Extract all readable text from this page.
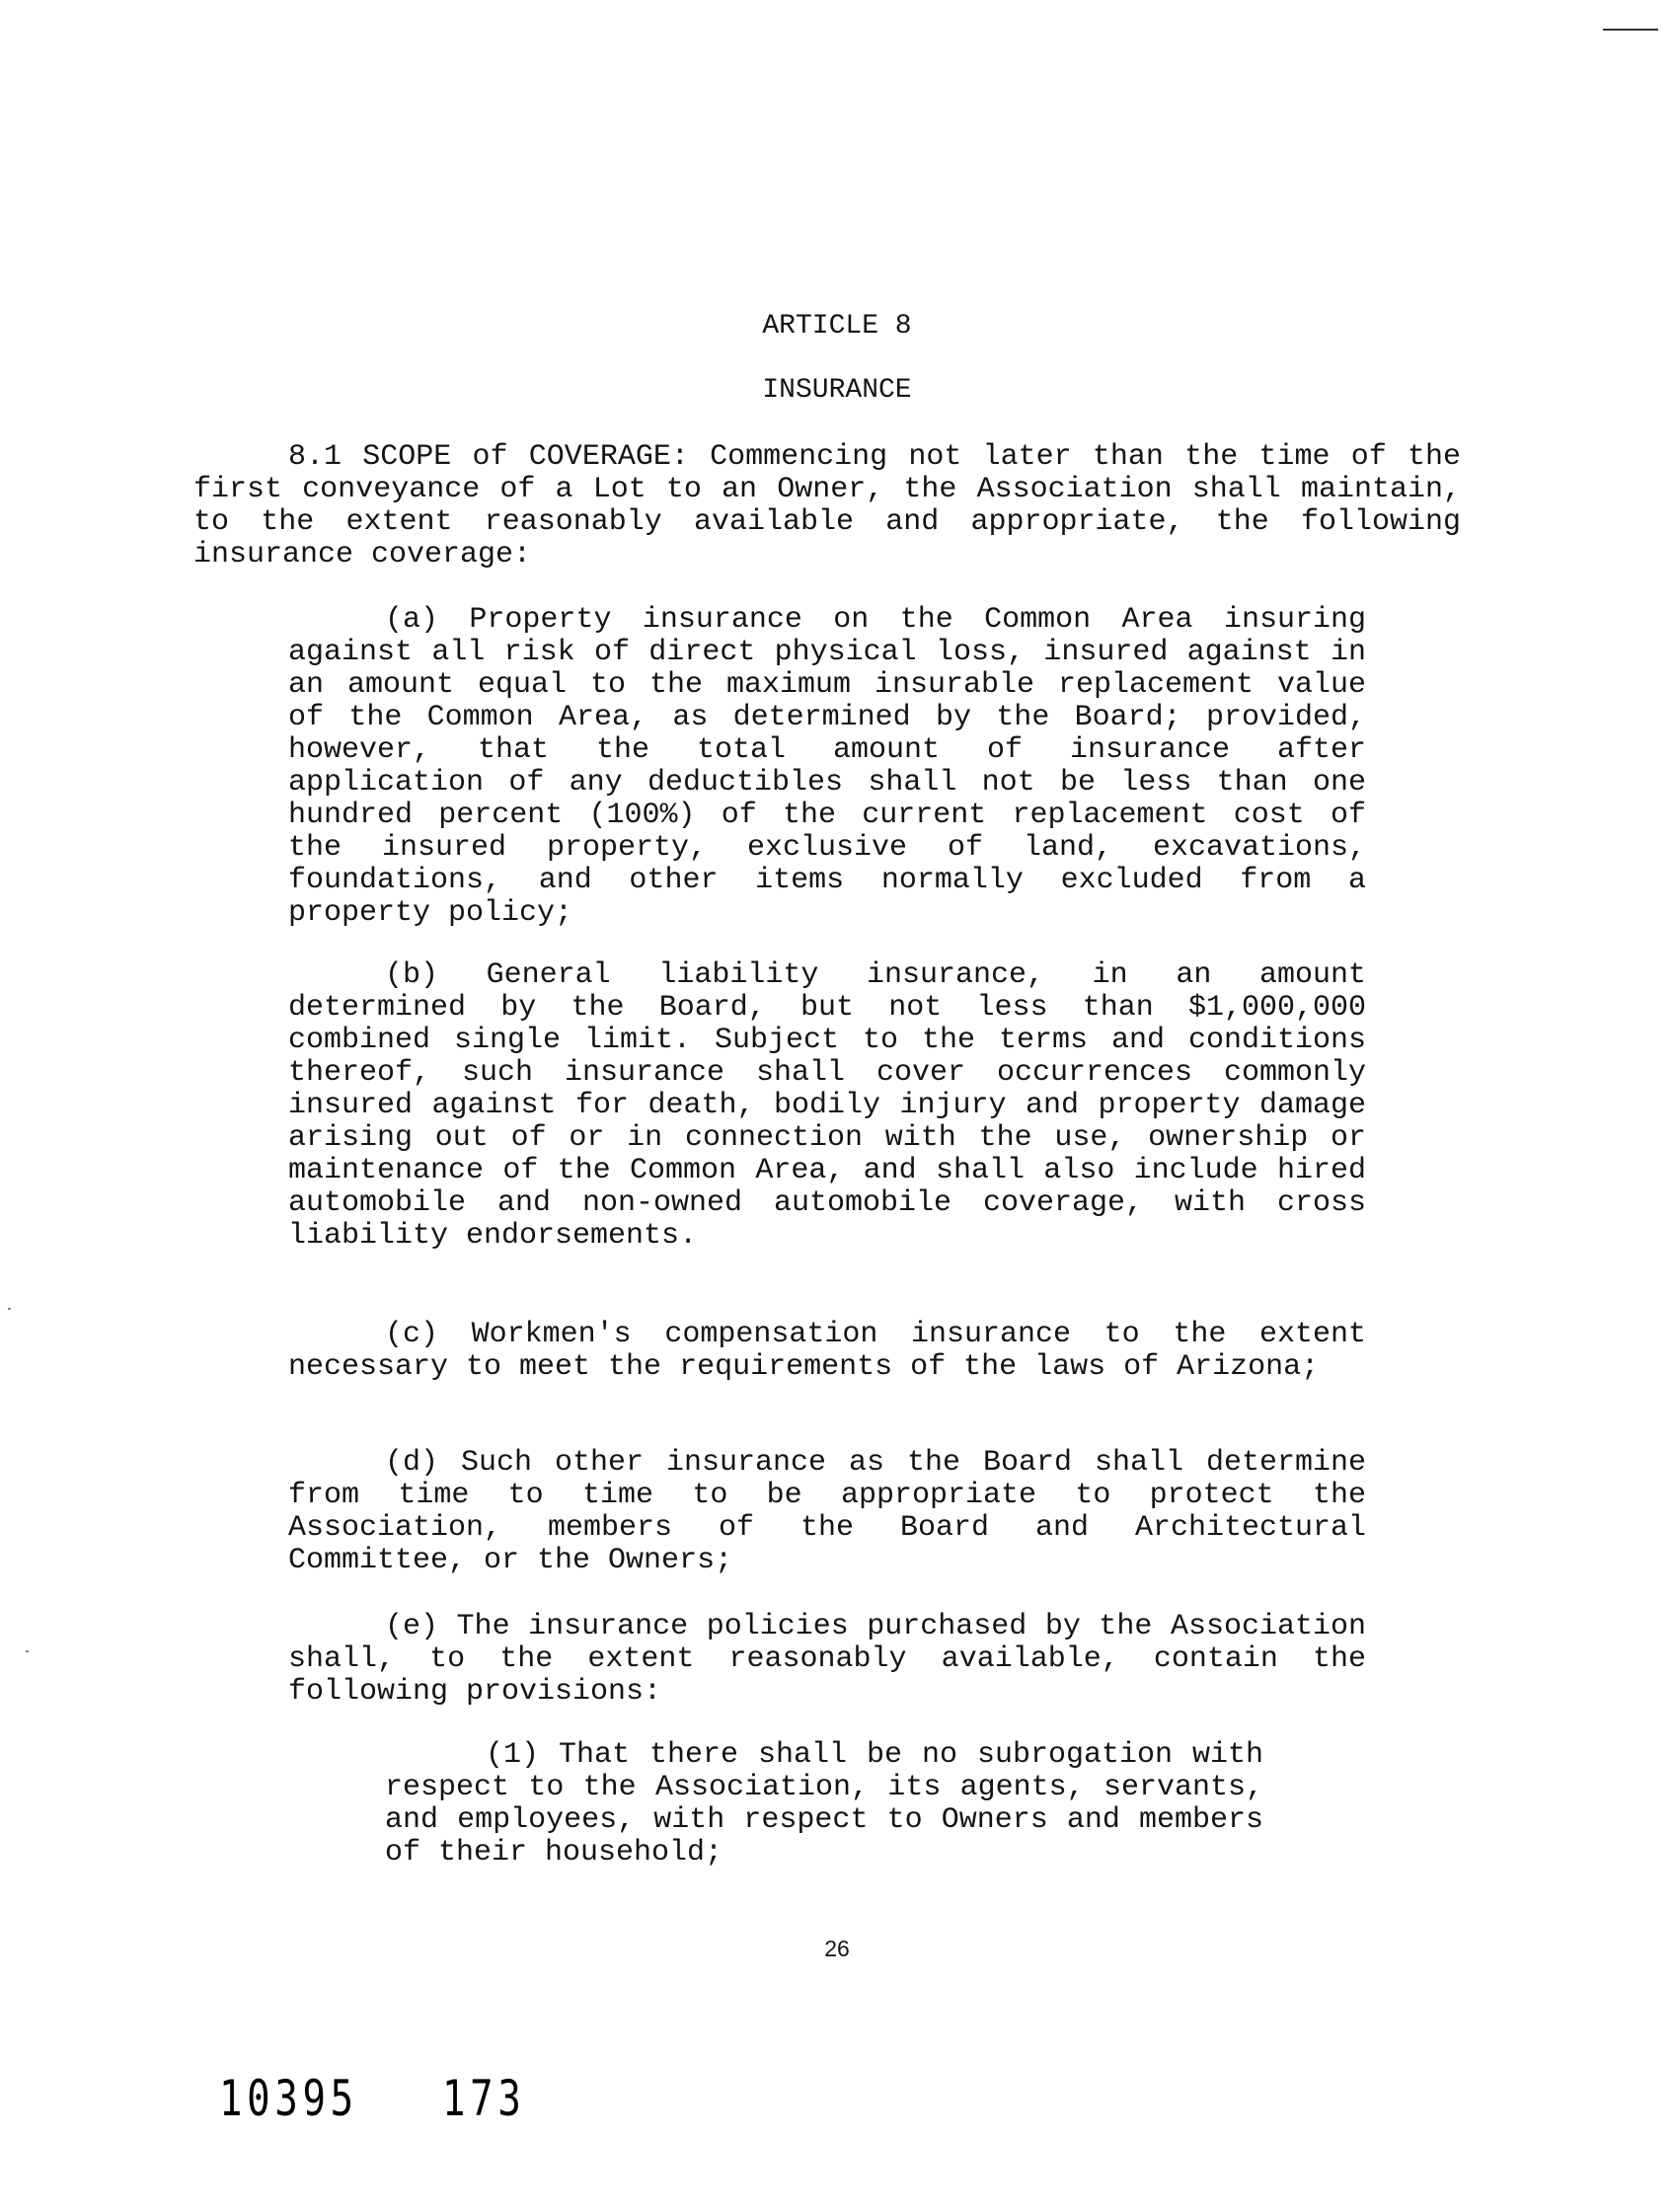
ARTICLE 8
INSURANCE

8.1 SCOPE of COVERAGE: Commencing not later than the time of the first conveyance of a Lot to an Owner, the Association shall maintain, to the extent reasonably available and appropriate, the following insurance coverage:

(a) Property insurance on the Common Area insuring against all risk of direct physical loss, insured against in an amount equal to the maximum insurable replacement value of the Common Area, as determined by the Board; provided, however, that the total amount of insurance after application of any deductibles shall not be less than one hundred percent (100%) of the current replacement cost of the insured property, exclusive of land, excavations, foundations, and other items normally excluded from a property policy;

(b) General liability insurance, in an amount determined by the Board, but not less than $1,000,000 combined single limit. Subject to the terms and conditions thereof, such insurance shall cover occurrences commonly insured against for death, bodily injury and property damage arising out of or in connection with the use, ownership or maintenance of the Common Area, and shall also include hired automobile and non-owned automobile coverage, with cross liability endorsements.

(c) Workmen's compensation insurance to the extent necessary to meet the requirements of the laws of Arizona;

(d) Such other insurance as the Board shall determine from time to time to be appropriate to protect the Association, members of the Board and Architectural Committee, or the Owners;

(e) The insurance policies purchased by the Association shall, to the extent reasonably available, contain the following provisions:

(1) That there shall be no subrogation with respect to the Association, its agents, servants, and employees, with respect to Owners and members of their household;

26
10395 173
